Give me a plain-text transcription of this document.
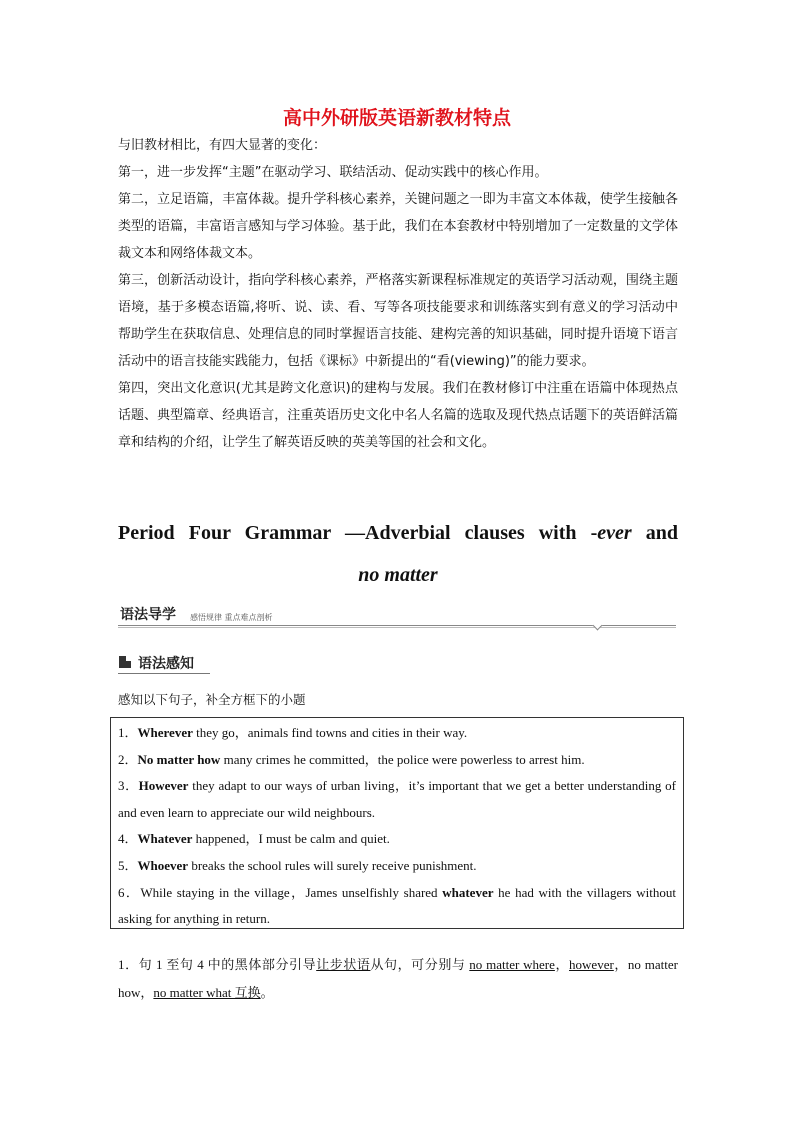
高中外研版英语新教材特点

与旧教材相比，有四大显著的变化：

第一，进一步发挥“主题”在驱动学习、联结活动、促动实践中的核心作用。

第二，立足语篇，丰富体裁。提升学科核心素养，关键问题之一即为丰富文本体裁，使学生接触各类型的语篇，丰富语言感知与学习体验。基于此，我们在本套教材中特别增加了一定数量的文学体裁文本和网络体裁文本。

第三，创新活动设计，指向学科核心素养，严格落实新课程标准规定的英语学习活动观，围绕主题语境，基于多模态语篇,将听、说、读、看、写等各项技能要求和训练落实到有意义的学习活动中帮助学生在获取信息、处理信息的同时掌握语言技能、建构完善的知识基础，同时提升语境下语言活动中的语言技能实践能力，包括《课标》中新提出的“看(viewing)”的能力要求。

第四，突出文化意识(尤其是跨文化意识)的建构与发展。我们在教材修订中注重在语篇中体现热点话题、典型篇章、经典语言，注重英语历史文化中名人名篇的选取及现代热点话题下的英语鲜活篇章和结构的介绍，让学生了解英语反映的英美等国的社会和文化。

Period Four Grammar —Adverbial clauses with -ever and
no matter
语法导学 感悟规律 重点难点剖析
语法感知
感知以下句子，补全方框下的小题

1．Wherever they go，animals find towns and cities in their way.

2．No matter how many crimes he committed，the police were powerless to arrest him.

3．However they adapt to our ways of urban living，it’s important that we get a better understanding of and even learn to appreciate our wild neighbours.

4．Whatever happened，I must be calm and quiet.

5．Whoever breaks the school rules will surely receive punishment.

6．While staying in the village，James unselfishly shared whatever he had with the villagers without asking for anything in return.

1．句 1 至句 4 中的黑体部分引导让步状语从句，可分别与 no matter where，however，no matter how，no matter what 互换。
